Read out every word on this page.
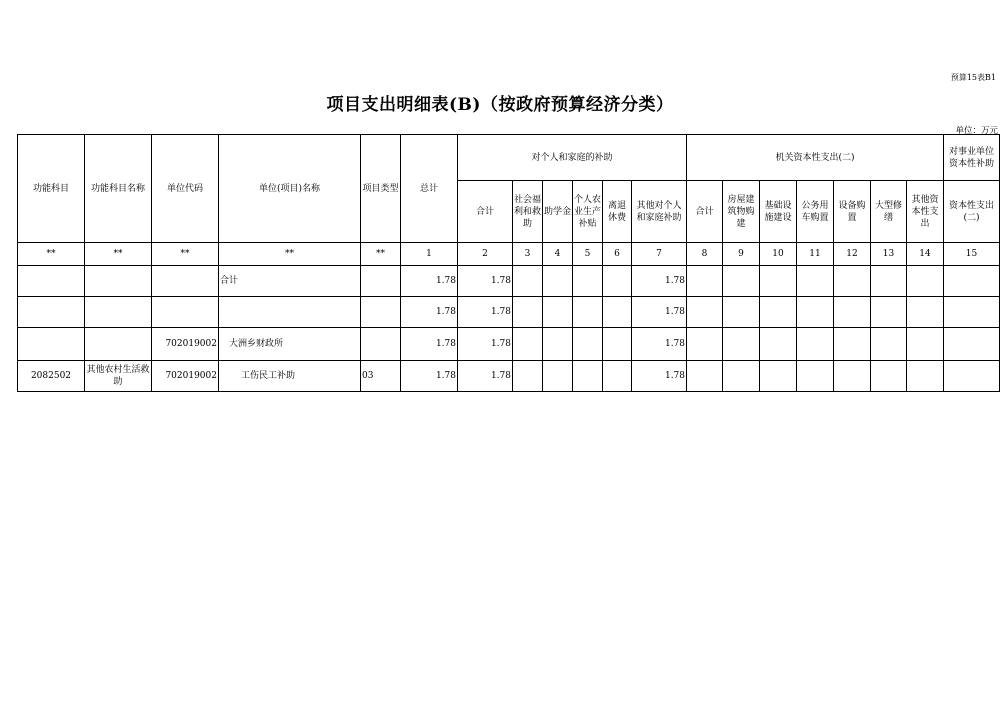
预算15表B1
项目支出明细表(B)（按政府预算经济分类）
单位：万元
功能科目	功能科目名称	单位代码	单位(项目)名称	项目类型	总计	对个人和家庭的补助						机关资本性支出(二)							对事业单位资本性补助
						合计	社会福利和救助	助学金	个人农业生产补贴	离退休费	其他对个人和家庭补助	合计	房屋建筑物购建	基础设施建设	公务用车购置	设备购置	大型修缮	其他资本性支出	资本性支出(二)
**	**	**	**	**	1	2	3	4	5	6	7	8	9	10	11	12	13	14	15
			合计		1.78	1.78					1.78								
					1.78	1.78					1.78								
		702019002	大洲乡财政所		1.78	1.78					1.78								
2082502	其他农村生活救助	702019002	工伤民工补助	03	1.78	1.78					1.78								
